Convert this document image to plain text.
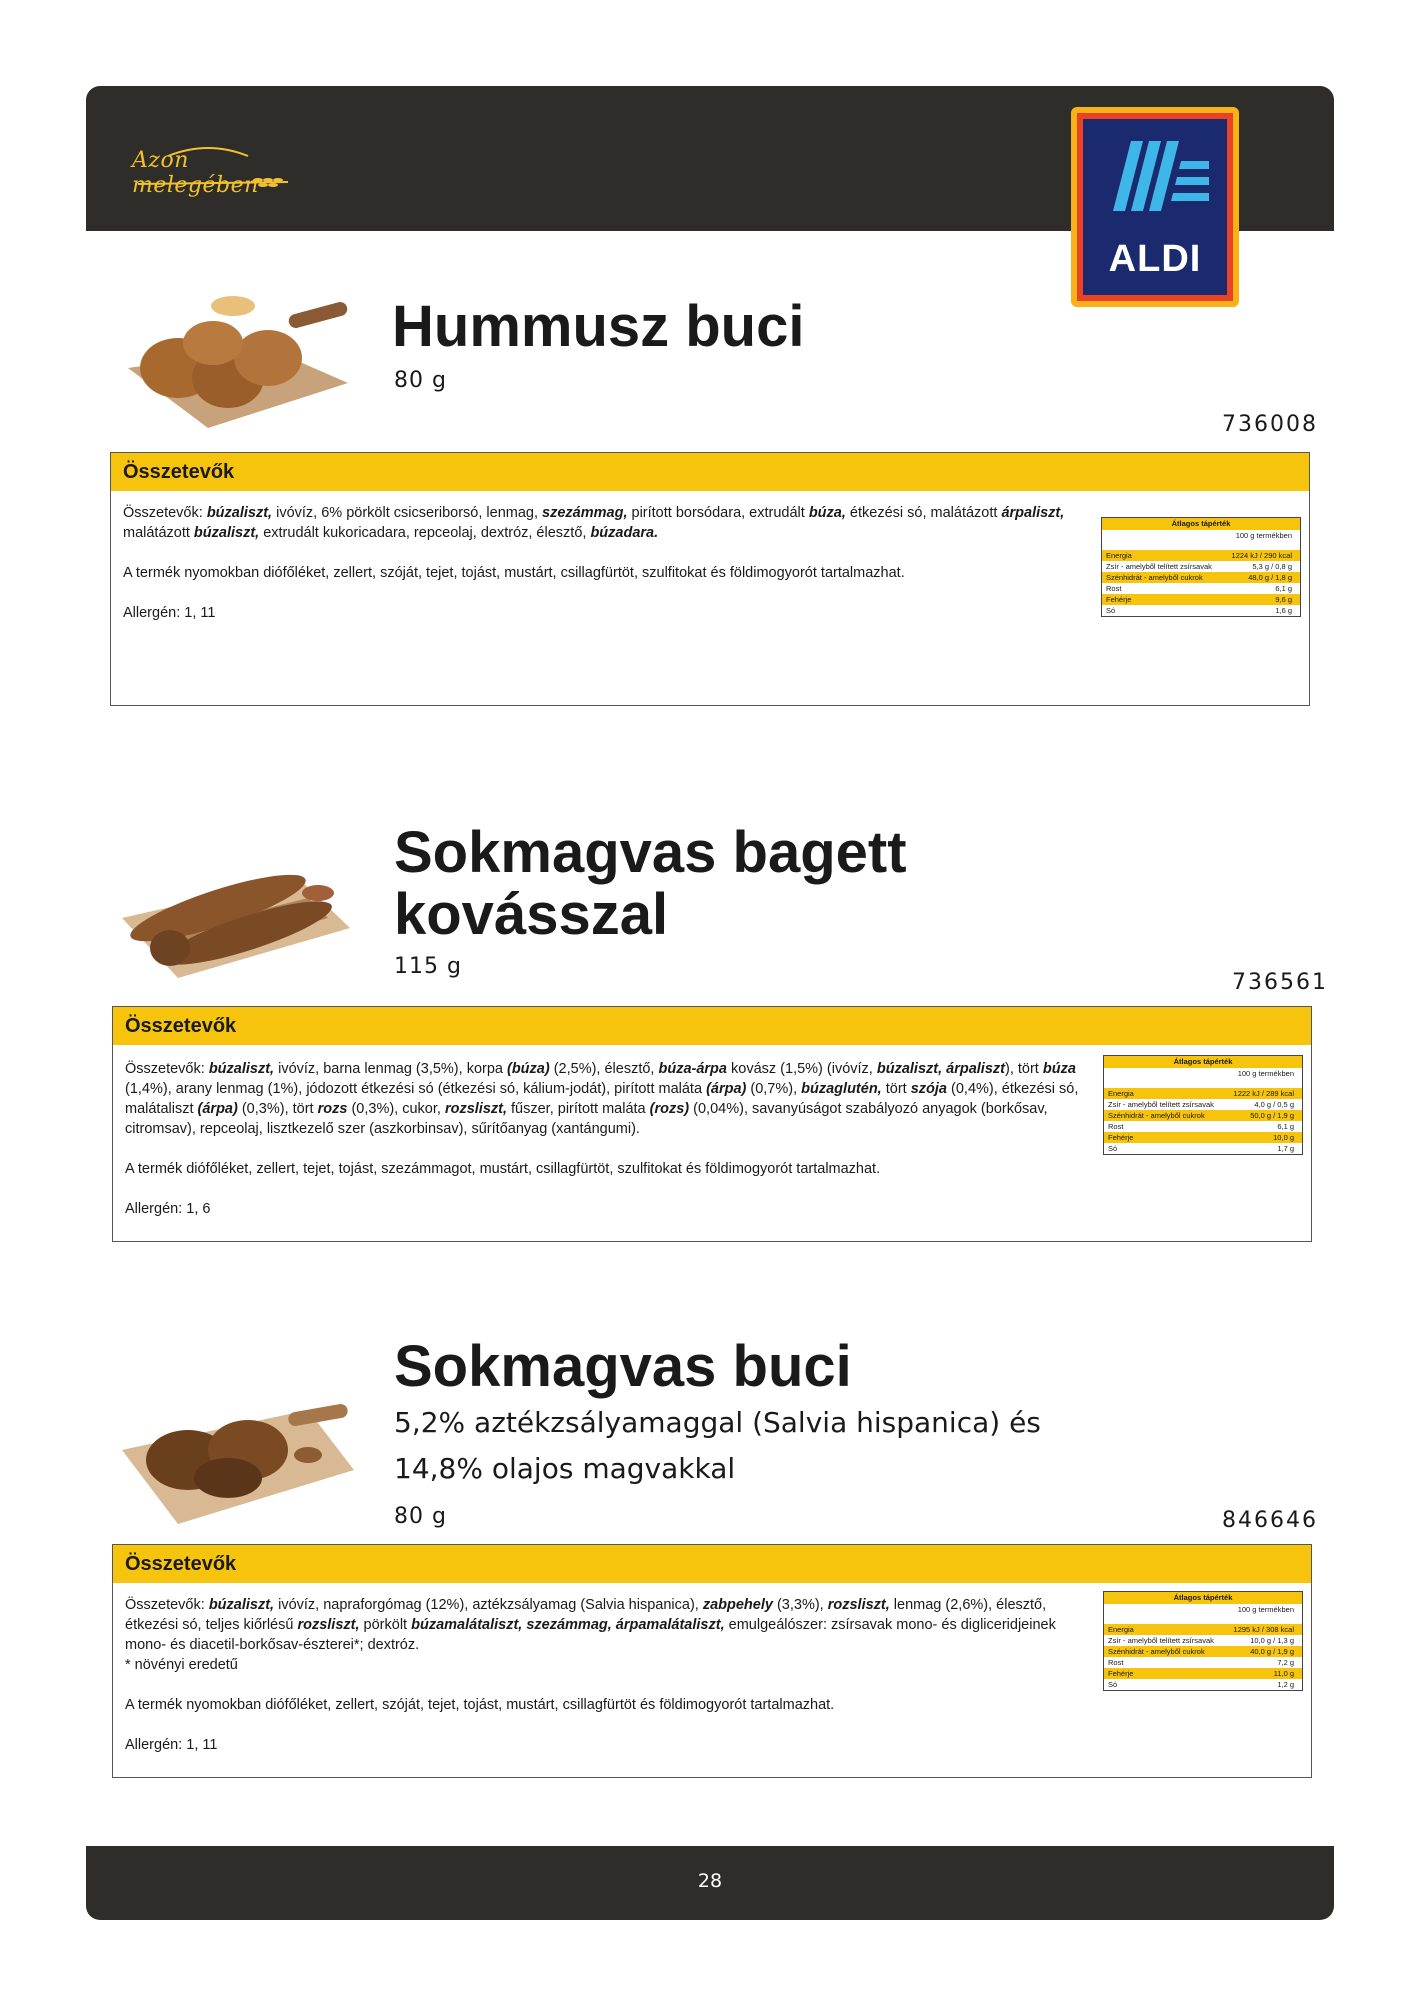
Azon melegében
ALDI
Hummusz buci
80 g
736008
Összetevők

Összetevők: búzaliszt, ivóvíz, 6% pörkölt csicseriborsó, lenmag, szezámmag, pirított borsódara, extrudált búza, étkezési só, malátázott árpaliszt, malátázott búzaliszt, extrudált kukoricadara, repceolaj, dextróz, élesztő, búzadara.

A termék nyomokban diófőléket, zellert, szóját, tejet, tojást, mustárt, csillagfürtöt, szulfitokat és földimogyorót tartalmazhat.

Allergén: 1, 11

Átlagos tápérték
100 g termékben
Energia	1224 kJ / 290 kcal
Zsír - amelyből telített zsírsavak	5,3 g / 0,8 g
Szénhidrát - amelyből cukrok	48,0 g / 1,8 g
Rost	6,1 g
Fehérje	9,6 g
Só	1,6 g
Sokmagvas bagett
kovásszal
115 g
736561
Összetevők

Összetevők: búzaliszt, ivóvíz, barna lenmag (3,5%), korpa (búza) (2,5%), élesztő, búza-árpa kovász (1,5%) (ivóvíz, búzaliszt, árpaliszt), tört búza (1,4%), arany lenmag (1%), jódozott étkezési só (étkezési só, kálium-jodát), pirított maláta (árpa) (0,7%), búzaglutén, tört szója (0,4%), étkezési só, malátaliszt (árpa) (0,3%), tört rozs (0,3%), cukor, rozsliszt, fűszer, pirított maláta (rozs) (0,04%), savanyúságot szabályozó anyagok (borkősav, citromsav), repceolaj, lisztkezelő szer (aszkorbinsav), sűrítőanyag (xantángumi).

A termék diófőléket, zellert, tejet, tojást, szezámmagot, mustárt, csillagfürtöt, szulfitokat és földimogyorót tartalmazhat.

Allergén: 1, 6

Átlagos tápérték
100 g termékben
Energia	1222 kJ / 289 kcal
Zsír - amelyből telített zsírsavak	4,0 g / 0,5 g
Szénhidrát - amelyből cukrok	50,0 g / 1,9 g
Rost	6,1 g
Fehérje	10,0 g
Só	1,7 g
Sokmagvas buci
5,2% aztékzsályamaggal (Salvia hispanica) és
14,8% olajos magvakkal
80 g	846646
Összetevők

Összetevők: búzaliszt, ivóvíz, napraforgómag (12%), aztékzsályamag (Salvia hispanica), zabpehely (3,3%), rozsliszt, lenmag (2,6%), élesztő, étkezési só, teljes kiőrlésű rozsliszt, pörkölt búzamalátaliszt, szezámmag, árpamalátaliszt, emulgeálószer: zsírsavak mono- és digliceridjeinek mono- és diacetil-borkősav-észterei*; dextróz.

* növényi eredetű

A termék nyomokban diófőléket, zellert, szóját, tejet, tojást, mustárt, csillagfürtöt és földimogyorót tartalmazhat.

Allergén: 1, 11

Átlagos tápérték
100 g termékben
Energia	1295 kJ / 308 kcal
Zsír - amelyből telített zsírsavak	10,0 g / 1,3 g
Szénhidrát - amelyből cukrok	40,0 g / 1,9 g
Rost	7,2 g
Fehérje	11,0 g
Só	1,2 g
28
